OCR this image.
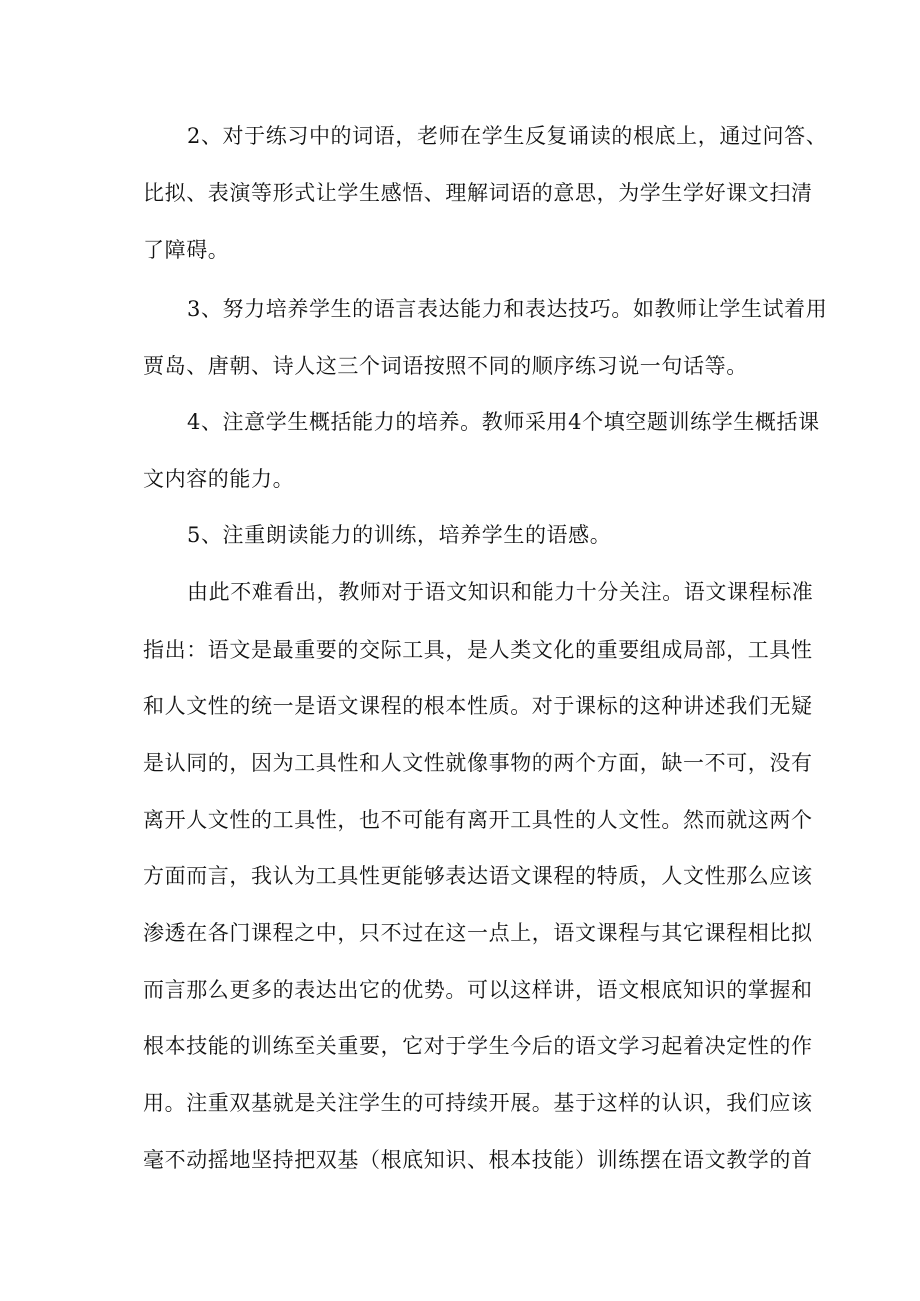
2、对于练习中的词语，老师在学生反复诵读的根底上，通过问答、
比拟、表演等形式让学生感悟、理解词语的意思，为学生学好课文扫清
了障碍。
3、努力培养学生的语言表达能力和表达技巧。如教师让学生试着用
贾岛、唐朝、诗人这三个词语按照不同的顺序练习说一句话等。
4、注意学生概括能力的培养。教师采用4个填空题训练学生概括课
文内容的能力。
5、注重朗读能力的训练，培养学生的语感。
由此不难看出，教师对于语文知识和能力十分关注。语文课程标准
指出：语文是最重要的交际工具，是人类文化的重要组成局部，工具性
和人文性的统一是语文课程的根本性质。对于课标的这种讲述我们无疑
是认同的，因为工具性和人文性就像事物的两个方面，缺一不可，没有
离开人文性的工具性，也不可能有离开工具性的人文性。然而就这两个
方面而言，我认为工具性更能够表达语文课程的特质，人文性那么应该
渗透在各门课程之中，只不过在这一点上，语文课程与其它课程相比拟
而言那么更多的表达出它的优势。可以这样讲，语文根底知识的掌握和
根本技能的训练至关重要，它对于学生今后的语文学习起着决定性的作
用。注重双基就是关注学生的可持续开展。基于这样的认识，我们应该
毫不动摇地坚持把双基（根底知识、根本技能）训练摆在语文教学的首
